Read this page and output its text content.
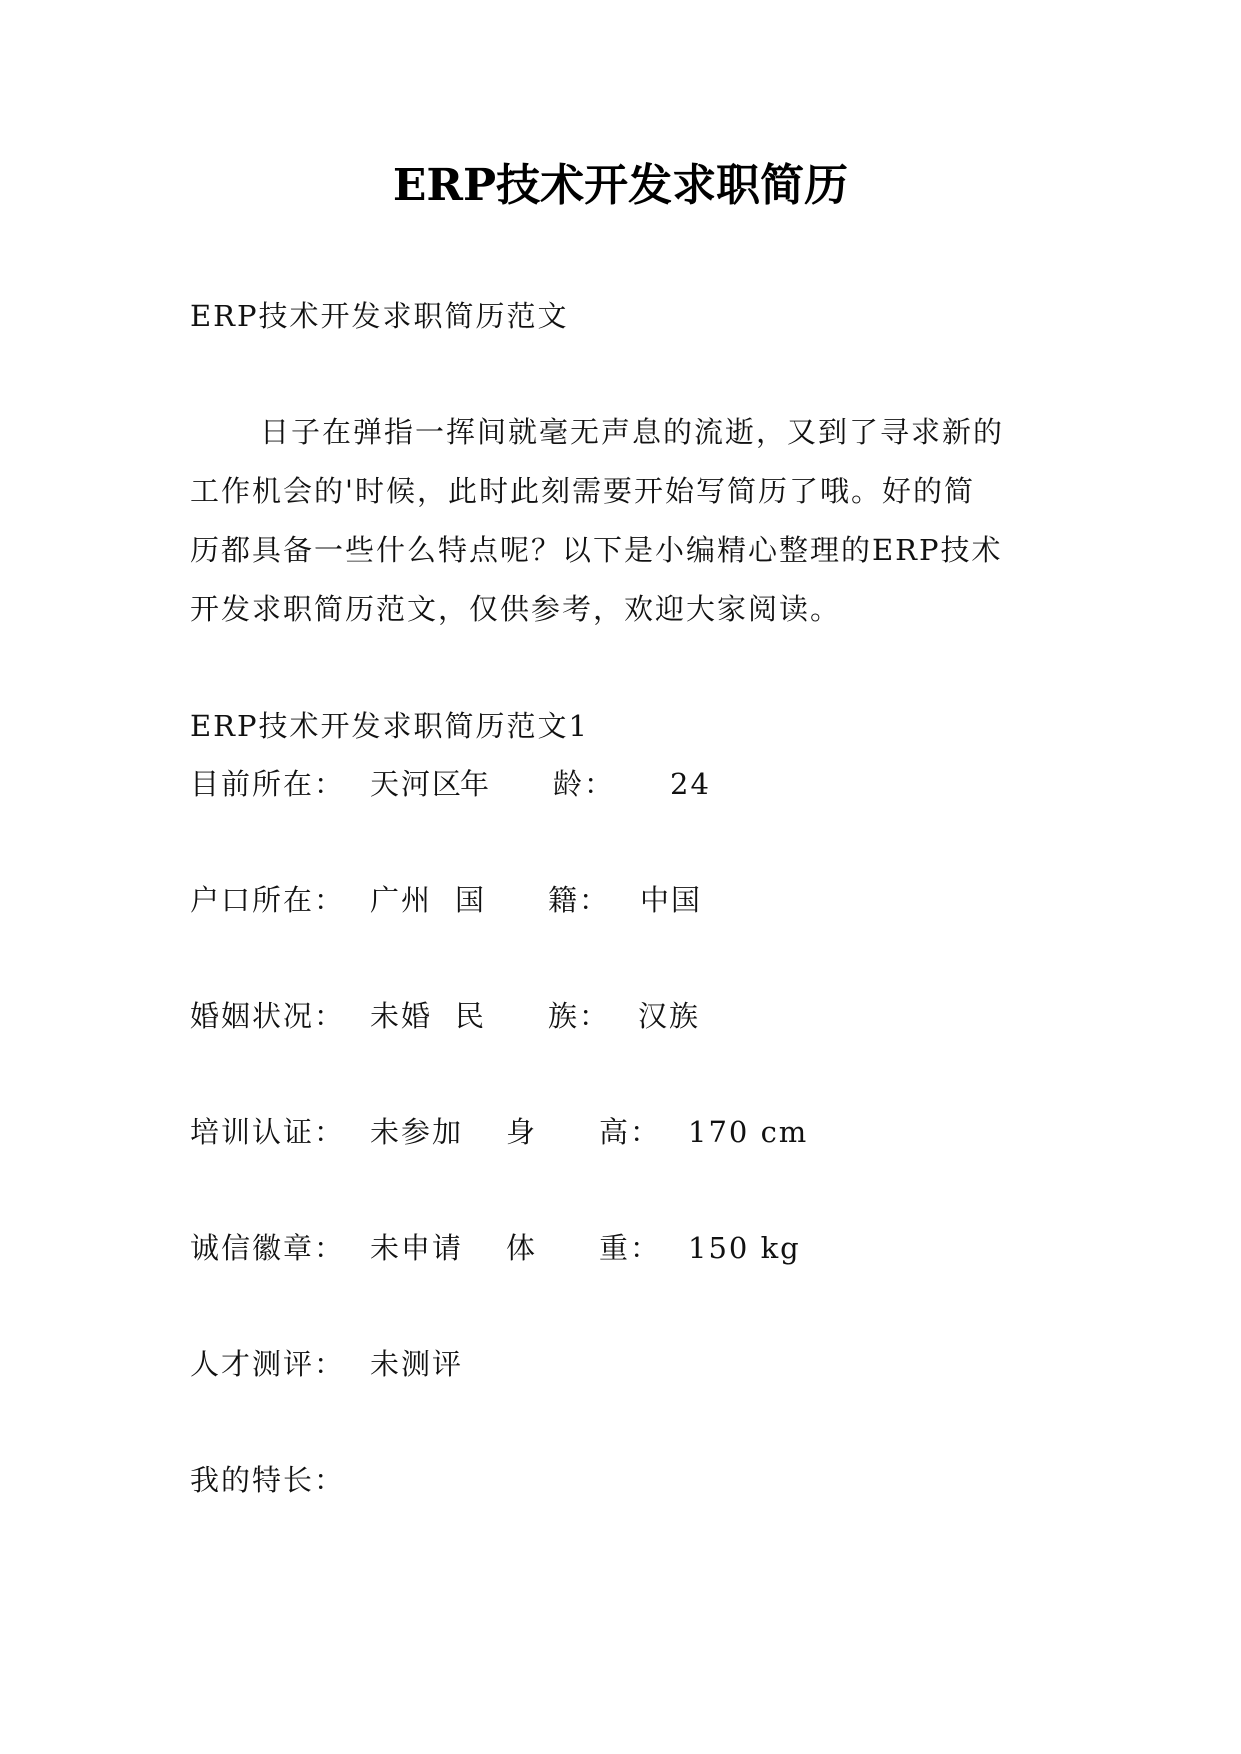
ERP技术开发求职简历
ERP技术开发求职简历范文
日子在弹指一挥间就毫无声息的流逝，又到了寻求新的
工作机会的'时候，此时此刻需要开始写简历了哦。好的简
历都具备一些什么特点呢？以下是小编精心整理的ERP技术
开发求职简历范文，仅供参考，欢迎大家阅读。
ERP技术开发求职简历范文1
目前所在： 天河区
年　　龄： 24
户口所在： 广州 国　　籍： 中国
婚姻状况： 未婚 民　　族： 汉族
培训认证： 未参加 身　　高： 170 cm
诚信徽章： 未申请 体　　重： 150 kg
人才测评： 未测评
我的特长：
